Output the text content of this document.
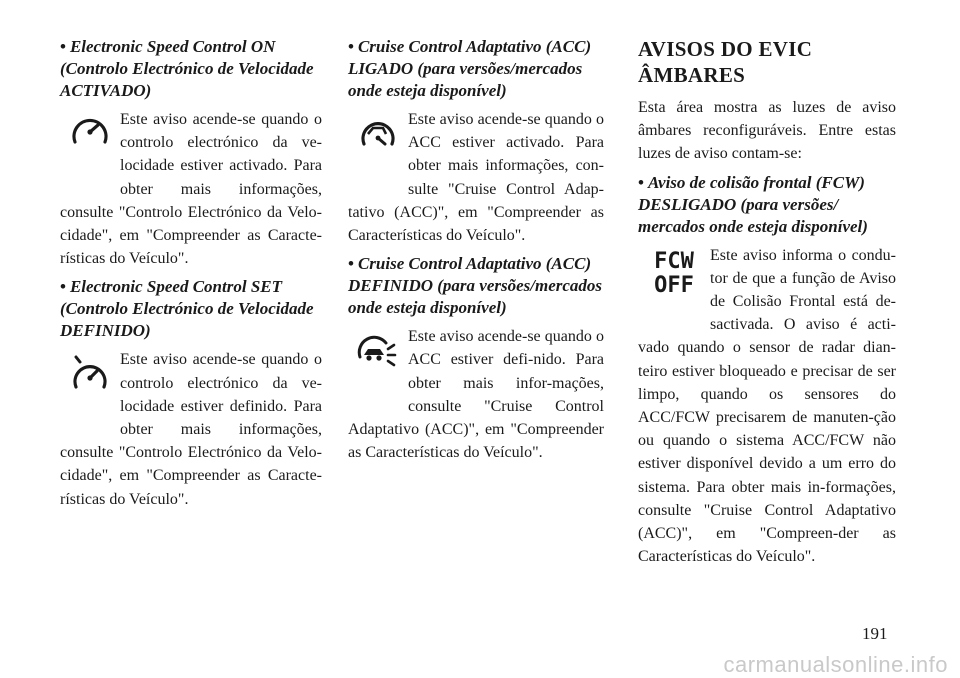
• Electronic Speed Control ON (Controlo Electrónico de Velocidade ACTIVADO)

Este aviso acende-se quando o controlo electrónico da ve-locidade estiver activado. Para obter mais informações, consulte "Controlo Electrónico da Velo-cidade", em "Compreender as Caracte-rísticas do Veículo".

• Electronic Speed Control SET (Controlo Electrónico de Velocidade DEFINIDO)

Este aviso acende-se quando o controlo electrónico da ve-locidade estiver definido. Para obter mais informações, consulte "Controlo Electrónico da Velo-cidade", em "Compreender as Caracte-rísticas do Veículo".

• Cruise Control Adaptativo (ACC) LIGADO (para versões/mercados onde esteja disponível)

Este aviso acende-se quando o ACC estiver activado. Para obter mais informações, con-sulte "Cruise Control Adap-tativo (ACC)", em "Compreender as Características do Veículo".

• Cruise Control Adaptativo (ACC) DEFINIDO (para versões/mercados onde esteja disponível)

Este aviso acende-se quando o ACC estiver defi-nido. Para obter mais infor-mações, consulte "Cruise Control Adaptativo (ACC)", em "Compreender as Características do Veículo".

AVISOS DO EVIC
ÂMBARES

Esta área mostra as luzes de aviso âmbares reconfiguráveis. Entre estas luzes de aviso contam-se:

• Aviso de colisão frontal (FCW) DESLIGADO (para versões/ mercados onde esteja disponível)

FCW
OFF

Este aviso informa o condu-tor de que a função de Aviso de Colisão Frontal está de-sactivada. O aviso é acti-vado quando o sensor de radar dian-teiro estiver bloqueado e precisar de ser limpo, quando os sensores do ACC/FCW precisarem de manuten-ção ou quando o sistema ACC/FCW não estiver disponível devido a um erro do sistema. Para obter mais in-formações, consulte "Cruise Control Adaptativo (ACC)", em "Compreen-der as Características do Veículo".

191
carmanualsonline.info
